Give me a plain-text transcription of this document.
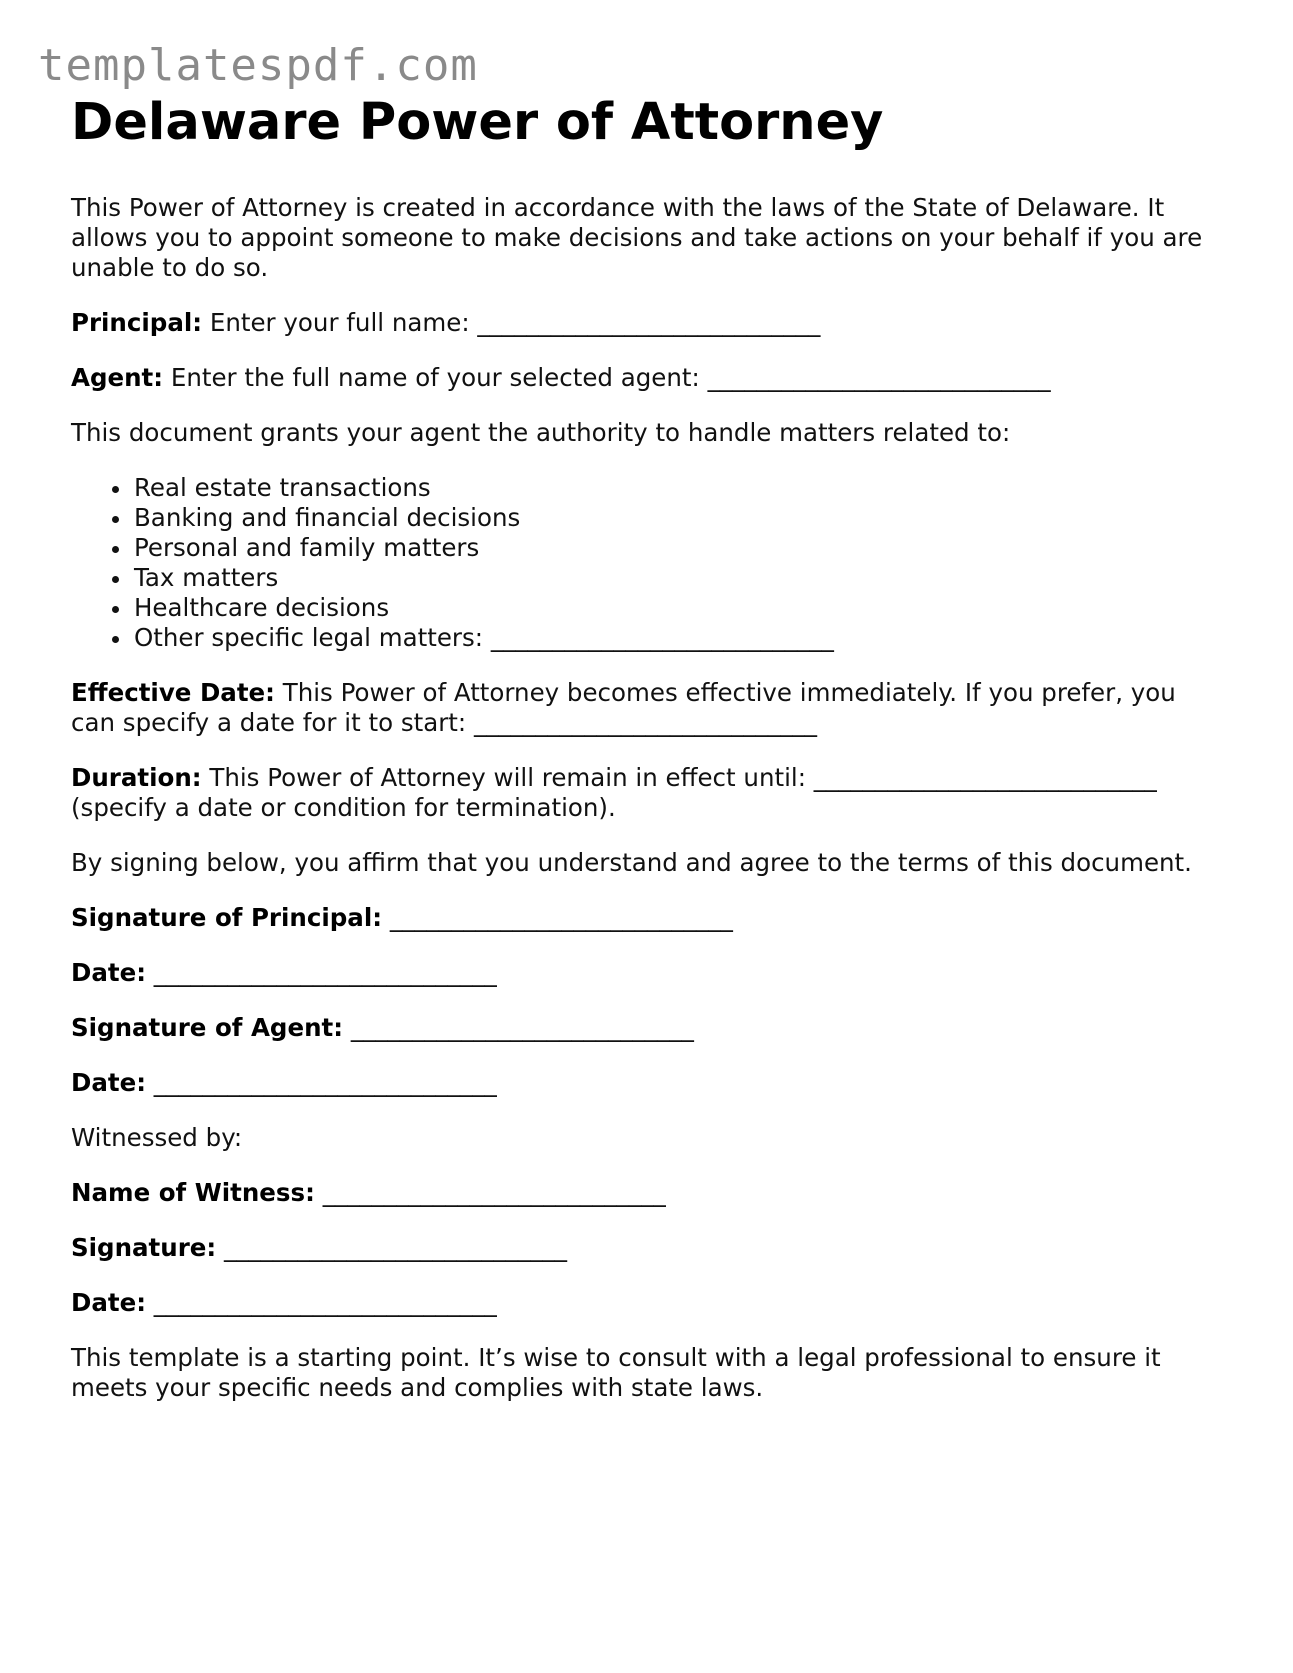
templatespdf.com
Delaware Power of Attorney

This Power of Attorney is created in accordance with the laws of the State of Delaware. It allows you to appoint someone to make decisions and take actions on your behalf if you are unable to do so.

Principal: Enter your full name: ____________________________

Agent: Enter the full name of your selected agent: ____________________________

This document grants your agent the authority to handle matters related to:

Real estate transactions
Banking and financial decisions
Personal and family matters
Tax matters
Healthcare decisions
Other specific legal matters: ____________________________

Effective Date: This Power of Attorney becomes effective immediately. If you prefer, you can specify a date for it to start: ____________________________

Duration: This Power of Attorney will remain in effect until: ____________________________ (specify a date or condition for termination).

By signing below, you affirm that you understand and agree to the terms of this document.

Signature of Principal: ____________________________

Date: ____________________________

Signature of Agent: ____________________________

Date: ____________________________

Witnessed by:

Name of Witness: ____________________________

Signature: ____________________________

Date: ____________________________

This template is a starting point. It’s wise to consult with a legal professional to ensure it meets your specific needs and complies with state laws.
